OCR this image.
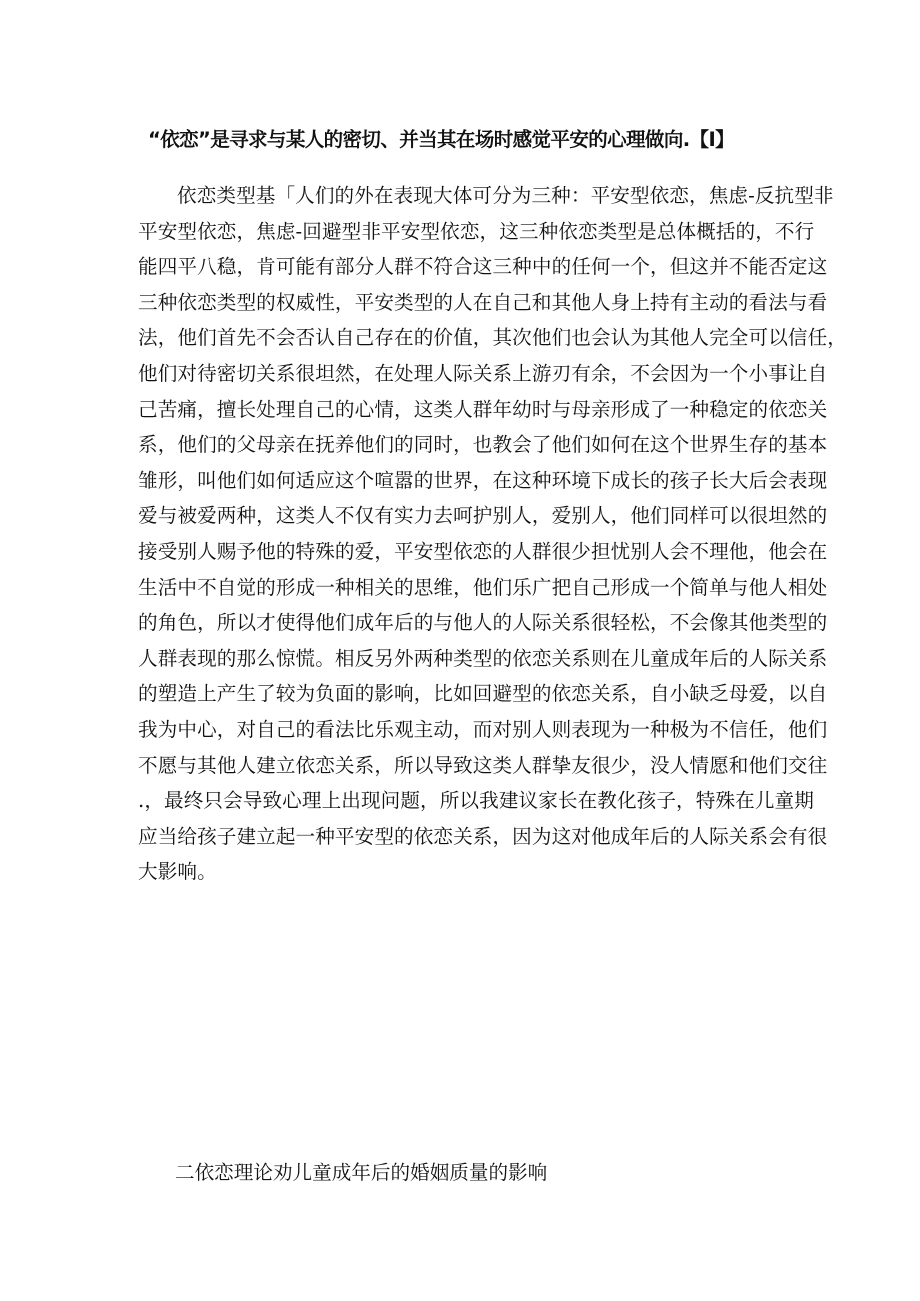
“依恋”是寻求与某人的密切、并当其在场时感觉平安的心理做向.【I】

依恋类型基「人们的外在表现大体可分为三种：平安型依恋，焦虑-反抗型非
平安型依恋，焦虑-回避型非平安型依恋，这三种依恋类型是总体概括的，不行
能四平八稳，肯可能有部分人群不符合这三种中的任何一个，但这并不能否定这
三种依恋类型的权威性，平安类型的人在自己和其他人身上持有主动的看法与看
法，他们首先不会否认自己存在的价值，其次他们也会认为其他人完全可以信任，
他们对待密切关系很坦然，在处理人际关系上游刃有余，不会因为一个小事让自
己苦痛，擅长处理自己的心情，这类人群年幼时与母亲形成了一种稳定的依恋关
系，他们的父母亲在抚养他们的同时，也教会了他们如何在这个世界生存的基本
雏形，叫他们如何适应这个喧嚣的世界，在这种环境下成长的孩子长大后会表现
爱与被爱两种，这类人不仅有实力去呵护别人，爱别人，他们同样可以很坦然的
接受别人赐予他的特殊的爱，平安型依恋的人群很少担忧别人会不理他，他会在
生活中不自觉的形成一种相关的思维，他们乐广把自己形成一个简单与他人相处
的角色，所以才使得他们成年后的与他人的人际关系很轻松，不会像其他类型的
人群表现的那么惊慌。相反另外两种类型的依恋关系则在儿童成年后的人际关系
的塑造上产生了较为负面的影响，比如回避型的依恋关系，自小缺乏母爱，以自
我为中心，对自己的看法比乐观主动，而对别人则表现为一种极为不信任，他们
不愿与其他人建立依恋关系，所以导致这类人群挚友很少，没人情愿和他们交往
.，最终只会导致心理上出现问题，所以我建议家长在教化孩子，特殊在儿童期
应当给孩子建立起一种平安型的依恋关系，因为这对他成年后的人际关系会有很
大影响。

二依恋理论劝儿童成年后的婚姻质量的影响
